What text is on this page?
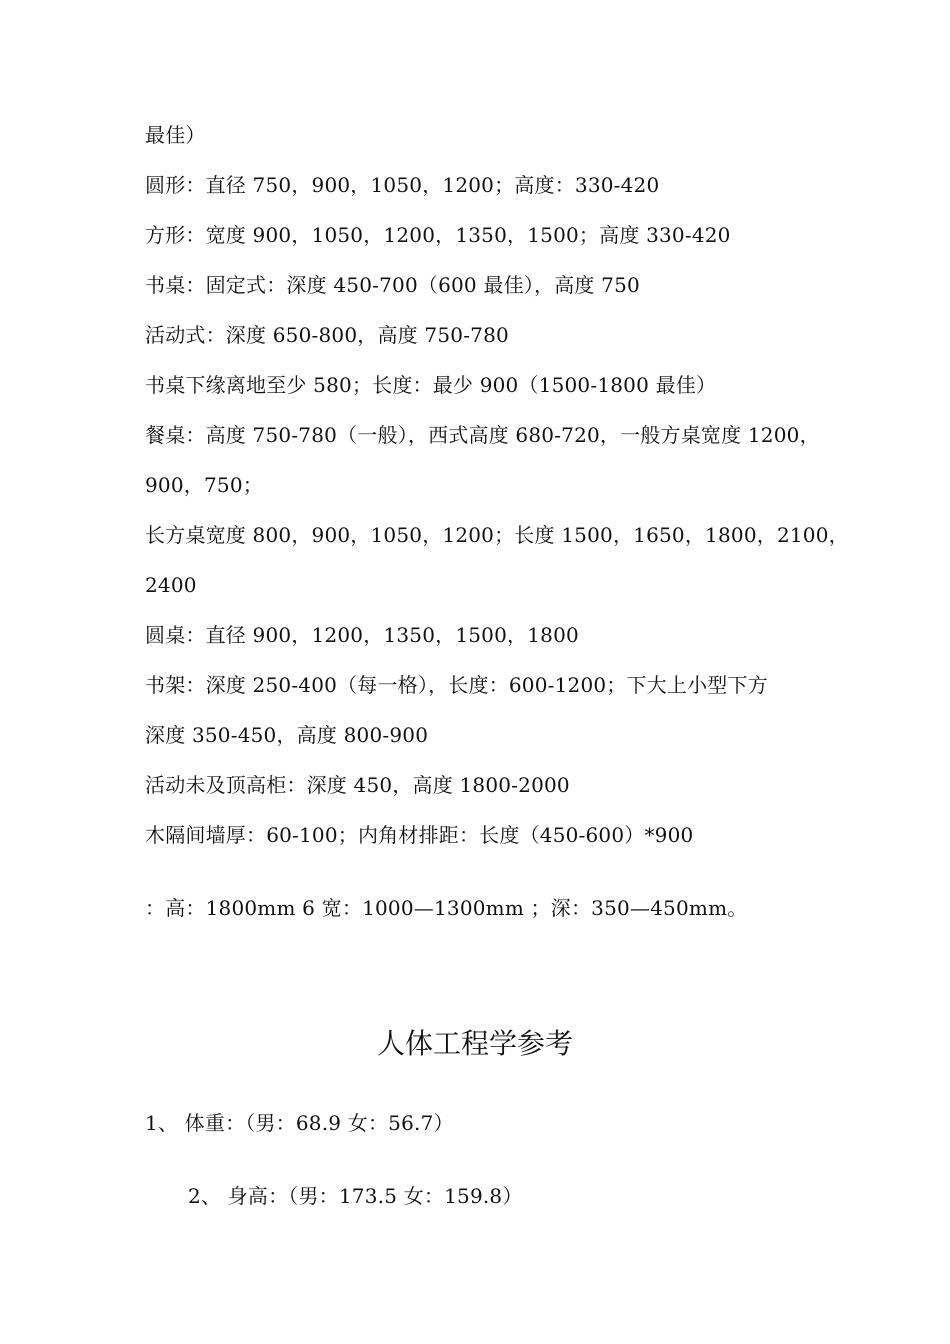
最佳）
圆形：直径 750，900，1050，1200；高度：330-420
方形：宽度 900，1050，1200，1350，1500；高度 330-420
书桌：固定式：深度 450-700（600 最佳），高度 750
活动式：深度 650-800，高度 750-780
书桌下缘离地至少 580；长度：最少 900（1500-1800 最佳）
餐桌：高度 750-780（一般），西式高度 680-720，一般方桌宽度 1200，
900，750；
长方桌宽度 800，900，1050，1200；长度 1500，1650，1800，2100，
2400
圆桌：直径 900，1200，1350，1500，1800
书架：深度 250-400（每一格），长度：600-1200；下大上小型下方
深度 350-450，高度 800-900
活动未及顶高柜：深度 450，高度 1800-2000
木隔间墙厚：60-100；内角材排距：长度（450-600）*900
：高：1800mm 6 宽：1000—1300mm ；深：350—450mm。
人体工程学参考
1、 体重：（男：68.9 女：56.7）
2、 身高：（男：173.5 女：159.8）
